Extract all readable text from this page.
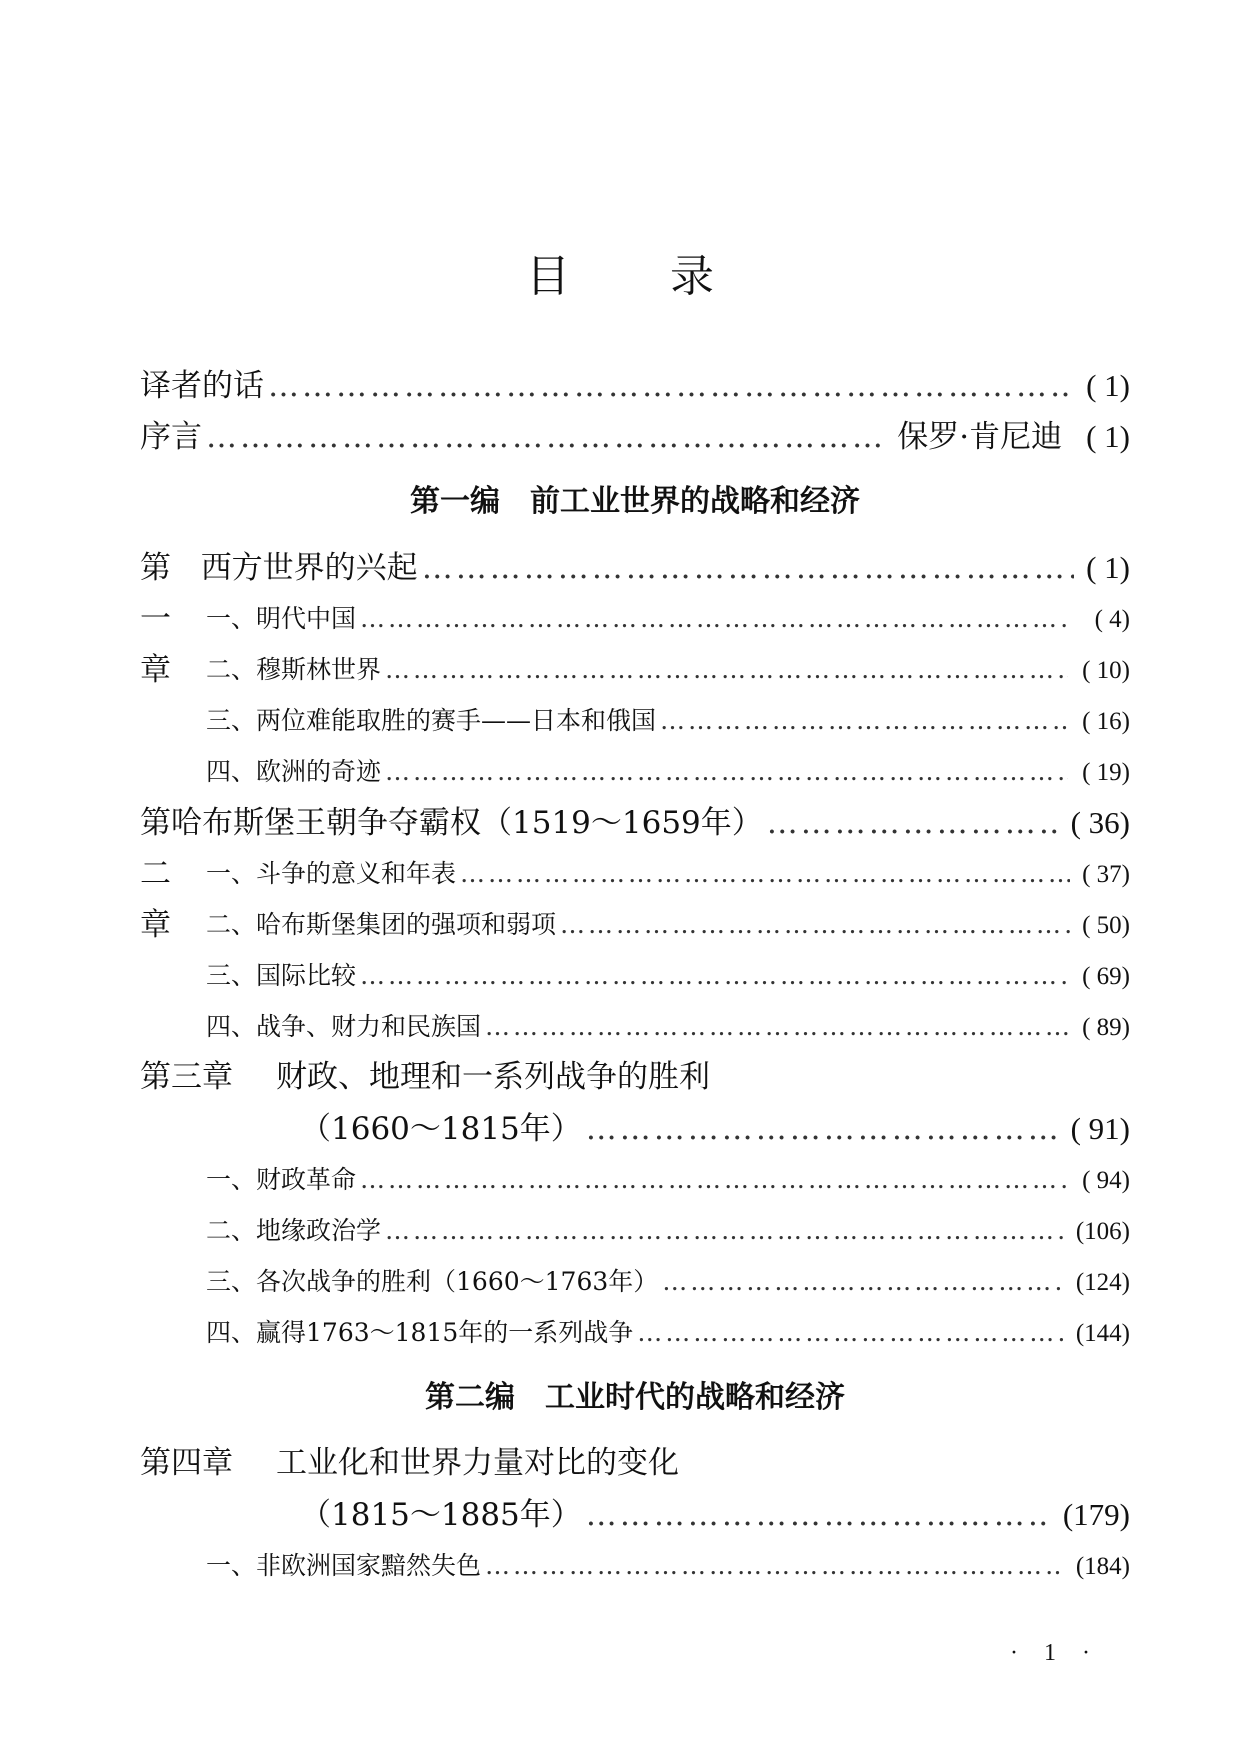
目录
译者的话 …………………………………………………………………………………………………………………	( 1)
序言 …………………………………………………………………………………………………………………	保罗·肯尼迪 ( 1)
第一编 前工业世界的战略和经济
第一章
西方世界的兴起 …………………………………………………………………………………………………………………	( 1)
一、 明代中国 …………………………………………………………………………………………………………………	( 4)
二、 穆斯林世界 …………………………………………………………………………………………………………………	( 10)
三、 两位难能取胜的赛手——日本和俄国 …………………………………………………………………………………………………………………	( 16)
四、 欧洲的奇迹 …………………………………………………………………………………………………………………	( 19)
第二章
哈布斯堡王朝争夺霸权（1519～1659年） …………………………………………………………………………………………………………………	( 36)
一、 斗争的意义和年表 …………………………………………………………………………………………………………………	( 37)
二、 哈布斯堡集团的强项和弱项 …………………………………………………………………………………………………………………	( 50)
三、 国际比较 …………………………………………………………………………………………………………………	( 69)
四、 战争、财力和民族国 …………………………………………………………………………………………………………………	( 89)
第三章	财政、地理和一系列战争的胜利
（1660～1815年） …………………………………………………………………………………………………………………	( 91)
一、 财政革命 …………………………………………………………………………………………………………………	( 94)
二、 地缘政治学 …………………………………………………………………………………………………………………	(106)
三、 各次战争的胜利（1660～1763年） …………………………………………………………………………………………………………………	(124)
四、 赢得1763～1815年的一系列战争 …………………………………………………………………………………………………………………	(144)
第二编 工业时代的战略和经济
第四章	工业化和世界力量对比的变化
（1815～1885年） …………………………………………………………………………………………………………………	(179)
一、 非欧洲国家黯然失色 …………………………………………………………………………………………………………………	(184)
· 1 ·
